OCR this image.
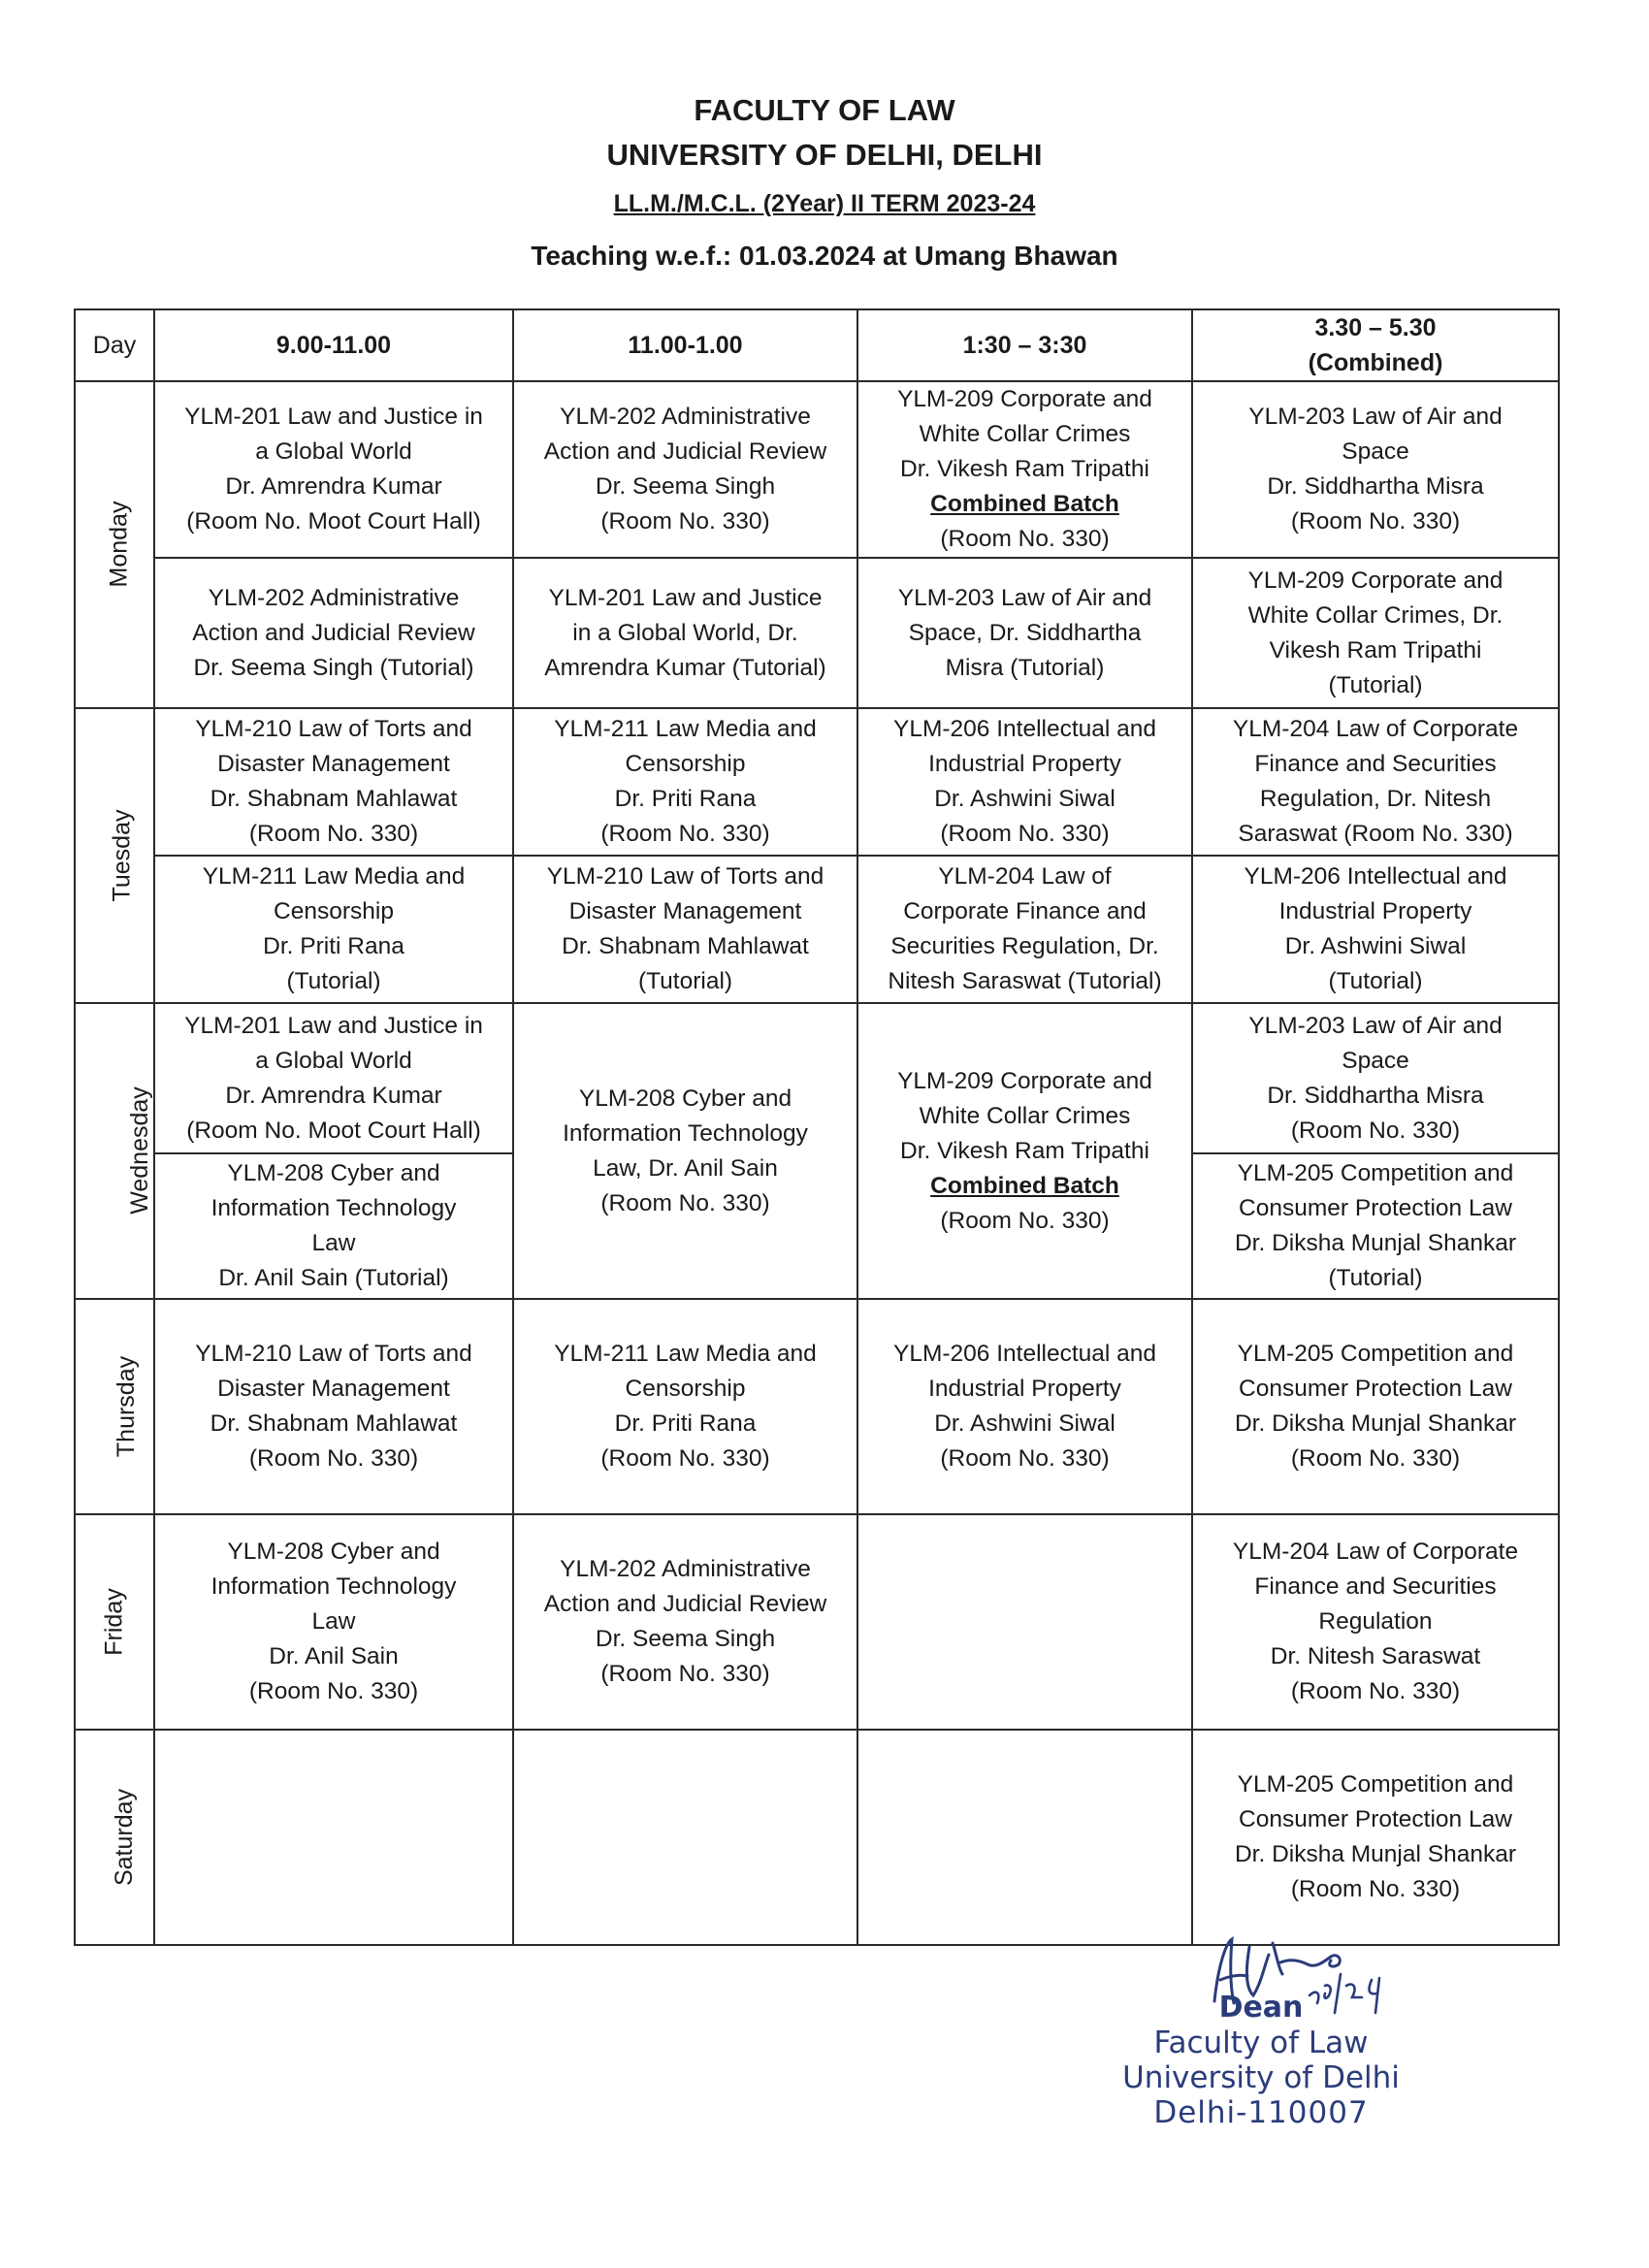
FACULTY OF LAW
UNIVERSITY OF DELHI, DELHI
LL.M./M.C.L. (2Year) II TERM 2023-24
Teaching w.e.f.: 01.03.2024 at Umang Bhawan
Day	9.00-11.00	11.00-1.00	1:30 – 3:30	3.30 – 5.30
(Combined)

Monday	YLM-201 Law and Justice in
a Global World
Dr. Amrendra Kumar
(Room No. Moot Court Hall)	YLM-202 Administrative
Action and Judicial Review
Dr. Seema Singh
(Room No. 330)	YLM-209 Corporate and
White Collar Crimes
Dr. Vikesh Ram Tripathi
Combined Batch
(Room No. 330)	YLM-203 Law of Air and
Space
Dr. Siddhartha Misra
(Room No. 330)

	YLM-202 Administrative
Action and Judicial Review
Dr. Seema Singh (Tutorial)	YLM-201 Law and Justice
in a Global World, Dr.
Amrendra Kumar (Tutorial)	YLM-203 Law of Air and
Space, Dr. Siddhartha
Misra (Tutorial)	YLM-209 Corporate and
White Collar Crimes, Dr.
Vikesh Ram Tripathi
(Tutorial)

Tuesday	YLM-210 Law of Torts and
Disaster Management
Dr. Shabnam Mahlawat
(Room No. 330)	YLM-211 Law Media and
Censorship
Dr. Priti Rana
(Room No. 330)	YLM-206 Intellectual and
Industrial Property
Dr. Ashwini Siwal
(Room No. 330)	YLM-204 Law of Corporate
Finance and Securities
Regulation, Dr. Nitesh
Saraswat (Room No. 330)

	YLM-211 Law Media and
Censorship
Dr. Priti Rana
(Tutorial)	YLM-210 Law of Torts and
Disaster Management
Dr. Shabnam Mahlawat
(Tutorial)	YLM-204 Law of
Corporate Finance and
Securities Regulation, Dr.
Nitesh Saraswat (Tutorial)	YLM-206 Intellectual and
Industrial Property
Dr. Ashwini Siwal
(Tutorial)

Wednesday	YLM-201 Law and Justice in
a Global World
Dr. Amrendra Kumar
(Room No. Moot Court Hall)	YLM-208 Cyber and
Information Technology
Law, Dr. Anil Sain
(Room No. 330)	YLM-209 Corporate and
White Collar Crimes
Dr. Vikesh Ram Tripathi
Combined Batch
(Room No. 330)	YLM-203 Law of Air and
Space
Dr. Siddhartha Misra
(Room No. 330)

	YLM-208 Cyber and
Information Technology
Law
Dr. Anil Sain (Tutorial)			YLM-205 Competition and
Consumer Protection Law
Dr. Diksha Munjal Shankar
(Tutorial)

Thursday	YLM-210 Law of Torts and
Disaster Management
Dr. Shabnam Mahlawat
(Room No. 330)	YLM-211 Law Media and
Censorship
Dr. Priti Rana
(Room No. 330)	YLM-206 Intellectual and
Industrial Property
Dr. Ashwini Siwal
(Room No. 330)	YLM-205 Competition and
Consumer Protection Law
Dr. Diksha Munjal Shankar
(Room No. 330)

Friday	YLM-208 Cyber and
Information Technology
Law
Dr. Anil Sain
(Room No. 330)	YLM-202 Administrative
Action and Judicial Review
Dr. Seema Singh
(Room No. 330)		YLM-204 Law of Corporate
Finance and Securities
Regulation
Dr. Nitesh Saraswat
(Room No. 330)

Saturday				YLM-205 Competition and
Consumer Protection Law
Dr. Diksha Munjal Shankar
(Room No. 330)
Dean
Faculty of Law
University of Delhi
Delhi-110007
